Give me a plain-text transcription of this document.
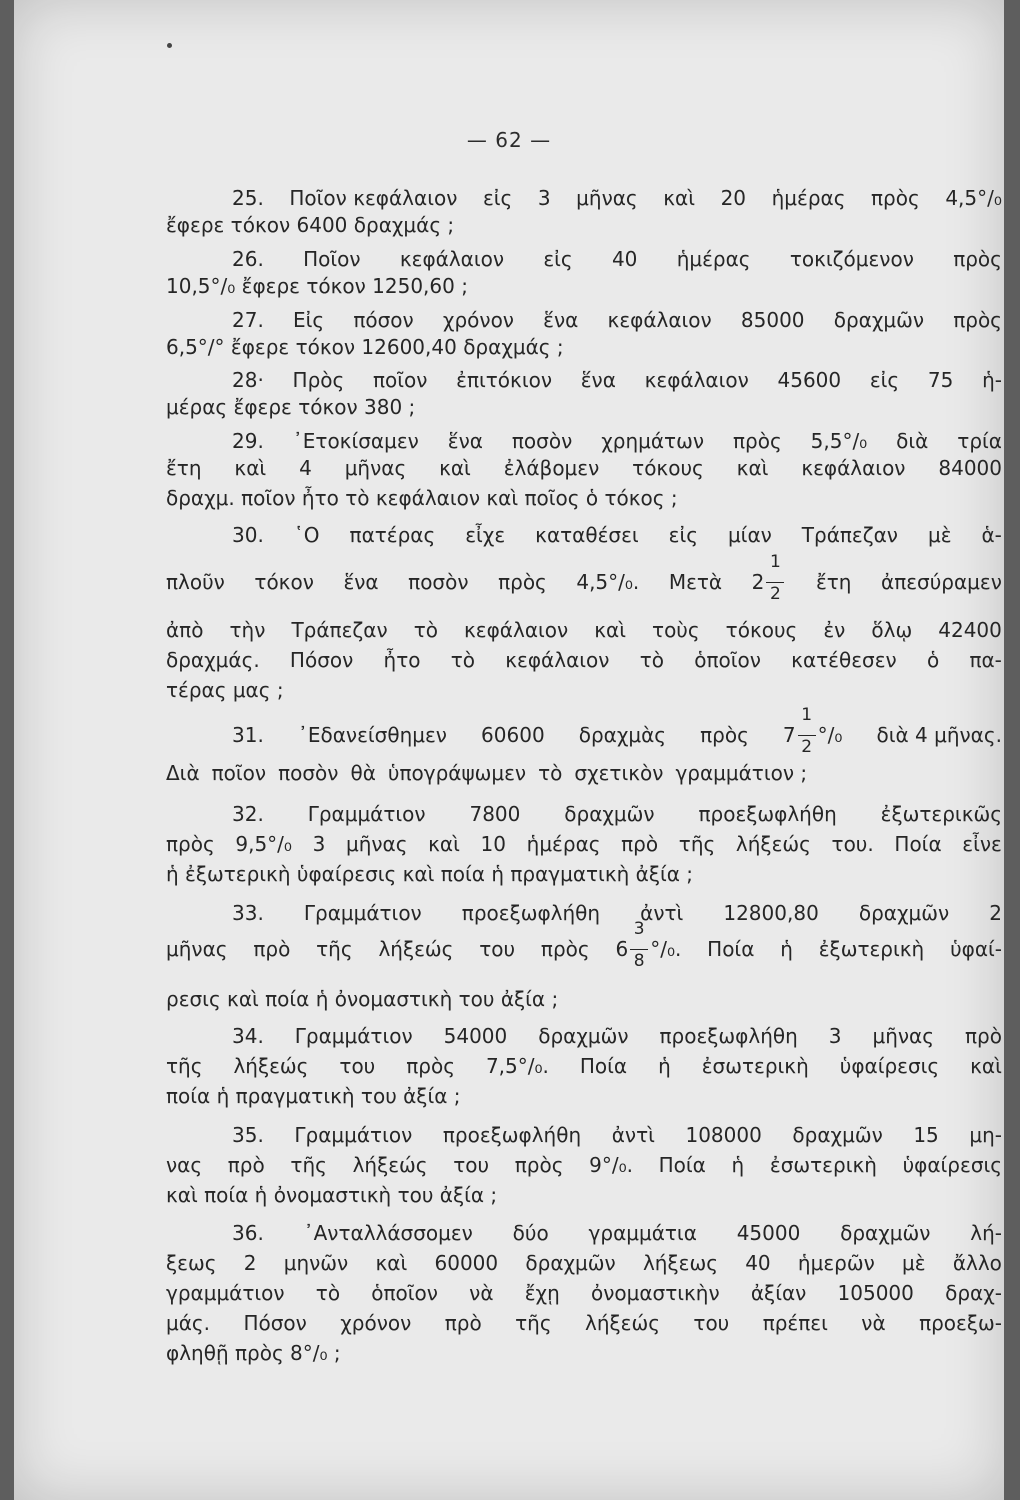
— 62 —
25. Ποῖον κεφάλαιον εἰς 3 μῆνας καὶ 20 ἡμέρας πρὸς 4,5°/₀
ἔφερε τόκον 6400 δραχμάς ;
26. Ποῖον κεφάλαιον εἰς 40 ἡμέρας τοκιζόμενον πρὸς
10,5°/₀ ἔφερε τόκον 1250,60 ;
27. Εἰς πόσον χρόνον ἕνα κεφάλαιον 85000 δραχμῶν πρὸς
6,5°/° ἔφερε τόκον 12600,40 δραχμάς ;
28· Πρὸς ποῖον ἐπιτόκιον ἕνα κεφάλαιον 45600 εἰς 75 ἡ-
μέρας ἔφερε τόκον 380 ;
29. ᾿Ετοκίσαμεν ἕνα ποσὸν χρημάτων πρὸς 5,5°/₀ διὰ τρία
ἔτη καὶ 4 μῆνας καὶ ἐλάβομεν τόκους καὶ κεφάλαιον 84000
δραχμ. ποῖον ἦτο τὸ κεφάλαιον καὶ ποῖος ὁ τόκος ;
30. ῾Ο πατέρας εἶχε καταθέσει εἰς μίαν Τράπεζαν μὲ ἁ-
πλοῦν τόκον ἕνα ποσὸν πρὸς 4,5°/₀. Μετὰ $2 \frac{1}{2}$ ἔτη ἀπεσύραμεν
ἀπὸ τὴν Τράπεζαν τὸ κεφάλαιον καὶ τοὺς τόκους ἐν ὅλῳ 42400
δραχμάς. Πόσον ἦτο τὸ κεφάλαιον τὸ ὁποῖον κατέθεσεν ὁ πα-
τέρας μας ;
31. ᾿Εδανείσθημεν 60600 δραχμὰς πρὸς $7 \frac{1}{2} ^\circ/_0$ διὰ 4 μῆνας.
Διὰ ποῖον ποσὸν θὰ ὑπογράψωμεν τὸ σχετικὸν γραμμάτιον ;
32. Γραμμάτιον 7800 δραχμῶν προεξωφλήθη ἐξωτερικῶς
πρὸς 9,5°/₀ 3 μῆνας καὶ 10 ἡμέρας πρὸ τῆς λήξεώς του. Ποία εἶνε
ἡ ἐξωτερικὴ ὑφαίρεσις καὶ ποία ἡ πραγματικὴ ἀξία ;
33. Γραμμάτιον προεξωφλήθη ἀντὶ 12800,80 δραχμῶν 2
μῆνας πρὸ τῆς λήξεώς του πρὸς $6 \frac{3}{8} ^\circ/_0$. Ποία ἡ ἐξωτερικὴ ὑφαί-
ρεσις καὶ ποία ἡ ὀνομαστικὴ του ἀξία ;
34. Γραμμάτιον 54000 δραχμῶν προεξωφλήθη 3 μῆνας πρὸ
τῆς λήξεώς του πρὸς 7,5°/₀. Ποία ἡ ἐσωτερικὴ ὑφαίρεσις καὶ
ποία ἡ πραγματικὴ του ἀξία ;
35. Γραμμάτιον προεξωφλήθη ἀντὶ 108000 δραχμῶν 15 μη-
νας πρὸ τῆς λήξεώς του πρὸς 9°/₀. Ποία ἡ ἐσωτερικὴ ὑφαίρεσις
καὶ ποία ἡ ὀνομαστικὴ του ἀξία ;
36. ᾿Ανταλλάσσομεν δύο γραμμάτια 45000 δραχμῶν λή-
ξεως 2 μηνῶν καὶ 60000 δραχμῶν λήξεως 40 ἡμερῶν μὲ ἄλλο
γραμμάτιον τὸ ὁποῖον νὰ ἔχῃ ὀνομαστικὴν ἀξίαν 105000 δραχ-
μάς. Πόσον χρόνον πρὸ τῆς λήξεώς του πρέπει νὰ προεξω-
φληθῇ πρὸς 8°/₀ ;
